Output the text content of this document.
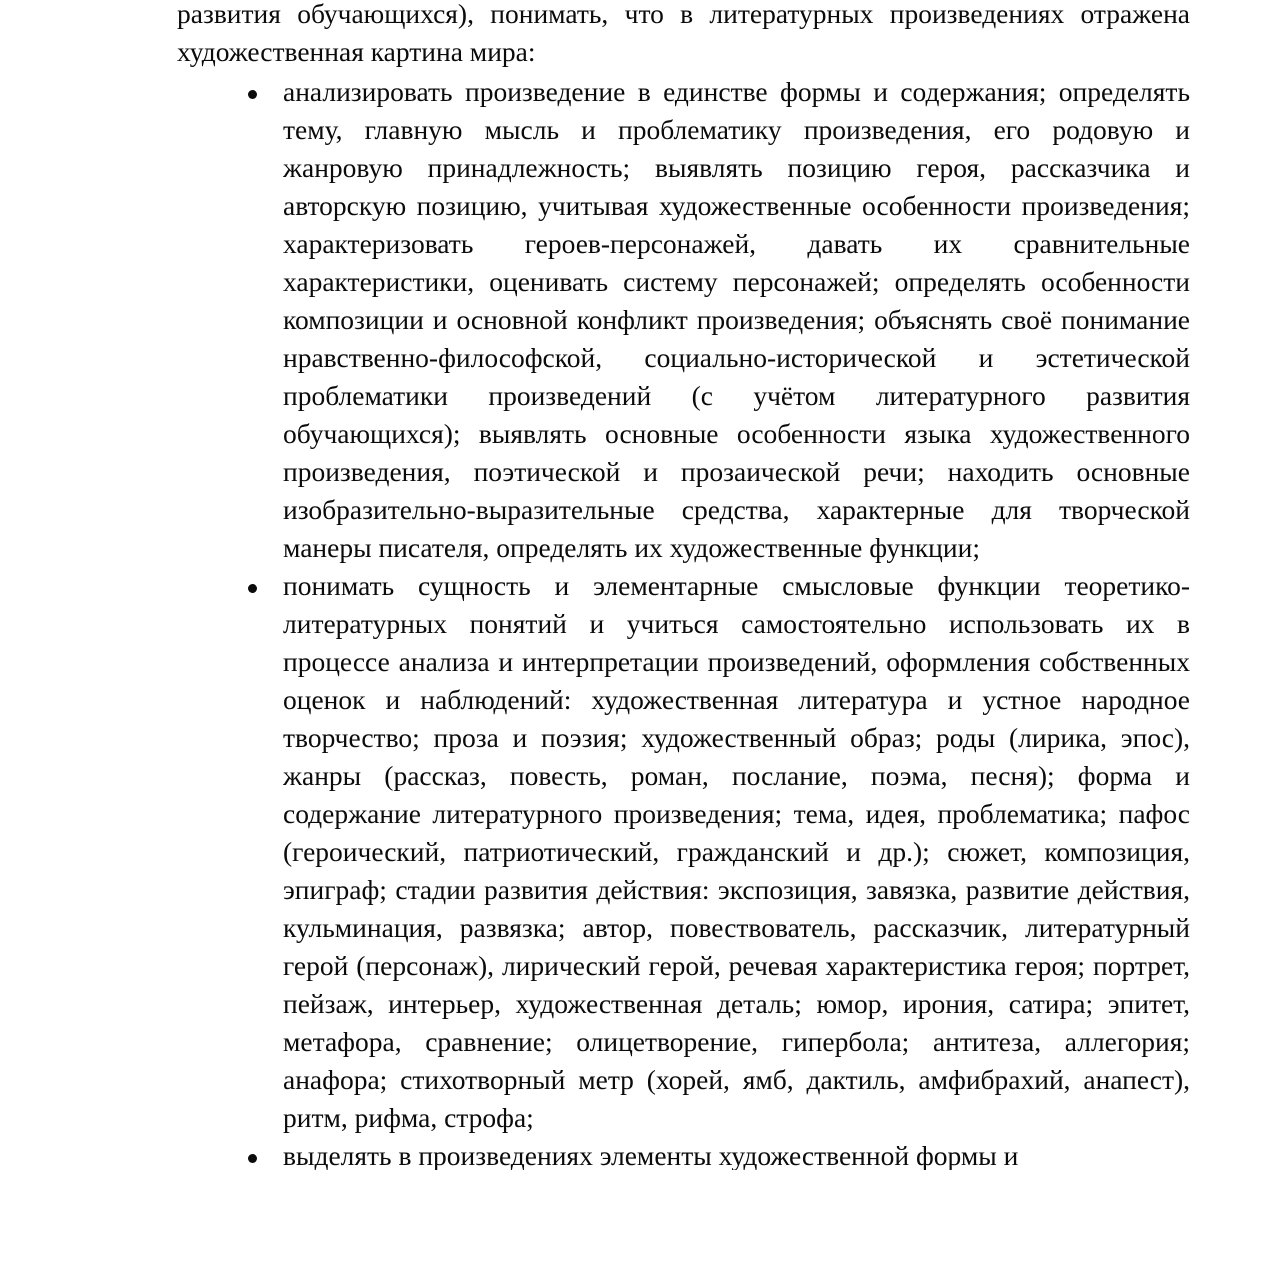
развития обучающихся), понимать, что в литературных произведениях отражена художественная картина мира:

анализировать произведение в единстве формы и содержания; определять тему, главную мысль и проблематику произведения, его родовую и жанровую принадлежность; выявлять позицию героя, рассказчика и авторскую позицию, учитывая художественные особенности произведения; характеризовать героев-персонажей, давать их сравнительные характеристики, оценивать систему персонажей; определять особенности композиции и основной конфликт произведения; объяснять своё понимание нравственно-философской, социально-исторической и эстетической проблематики произведений (с учётом литературного развития обучающихся); выявлять основные особенности языка художественного произведения, поэтической и прозаической речи; находить основные изобразительно-выразительные средства, характерные для творческой манеры писателя, определять их художественные функции;
понимать сущность и элементарные смысловые функции теоретико-литературных понятий и учиться самостоятельно использовать их в процессе анализа и интерпретации произведений, оформления собственных оценок и наблюдений: художественная литература и устное народное творчество; проза и поэзия; художественный образ; роды (лирика, эпос), жанры (рассказ, повесть, роман, послание, поэма, песня); форма и содержание литературного произведения; тема, идея, проблематика; пафос (героический, патриотический, гражданский и др.); сюжет, композиция, эпиграф; стадии развития действия: экспозиция, завязка, развитие действия, кульминация, развязка; автор, повествователь, рассказчик, литературный герой (персонаж), лирический герой, речевая характеристика героя; портрет, пейзаж, интерьер, художественная деталь; юмор, ирония, сатира; эпитет, метафора, сравнение; олицетворение, гипербола; антитеза, аллегория; анафора; стихотворный метр (хорей, ямб, дактиль, амфибрахий, анапест), ритм, рифма, строфа;
выделять в произведениях элементы художественной формы и
